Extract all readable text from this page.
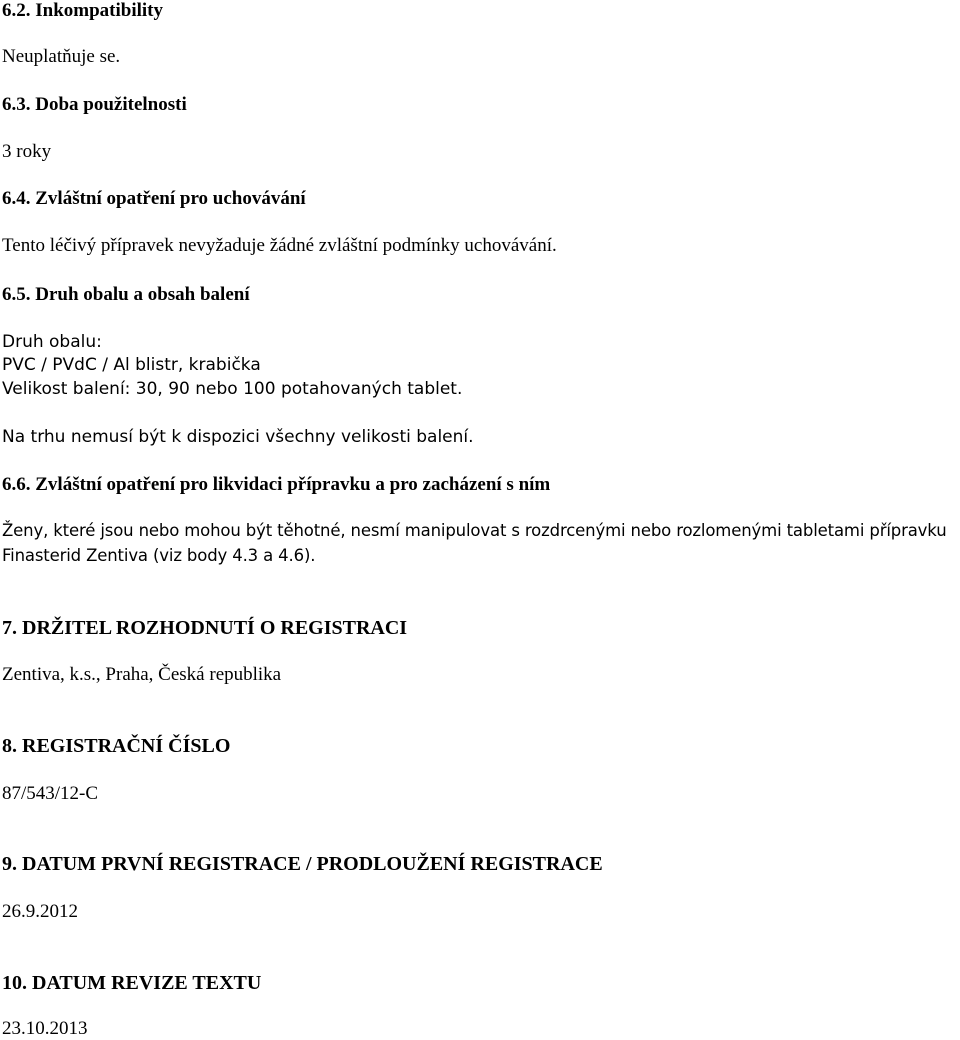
6.2. Inkompatibility
Neuplatňuje se.
6.3. Doba použitelnosti
3 roky
6.4. Zvláštní opatření pro uchovávání
Tento léčivý přípravek nevyžaduje žádné zvláštní podmínky uchovávání.
6.5. Druh obalu a obsah balení
Druh obalu:
PVC / PVdC / Al blistr, krabička
Velikost balení: 30, 90 nebo 100 potahovaných tablet.
Na trhu nemusí být k dispozici všechny velikosti balení.
6.6. Zvláštní opatření pro likvidaci přípravku a pro zacházení s ním
Ženy, které jsou nebo mohou být těhotné, nesmí manipulovat s rozdrcenými nebo rozlomenými tabletami přípravku
Finasterid Zentiva (viz body 4.3 a 4.6).
7. DRŽITEL ROZHODNUTÍ O REGISTRACI
Zentiva, k.s., Praha, Česká republika
8. REGISTRAČNÍ ČÍSLO
87/543/12-C
9. DATUM PRVNÍ REGISTRACE / PRODLOUŽENÍ REGISTRACE
26.9.2012
10. DATUM REVIZE TEXTU
23.10.2013
